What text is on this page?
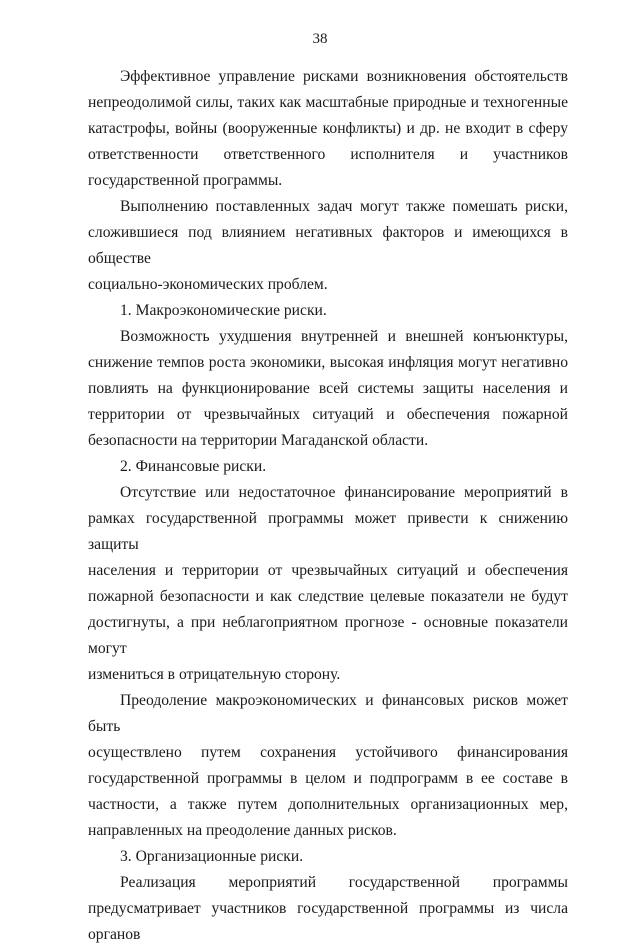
38
Эффективное управление рисками возникновения обстоятельств
непреодолимой силы, таких как масштабные природные и техногенные
катастрофы, войны (вооруженные конфликты) и др. не входит в сферу
ответственности ответственного исполнителя и участников
государственной программы.
Выполнению поставленных задач могут также помешать риски,
сложившиеся под влиянием негативных факторов и имеющихся в обществе
социально-экономических проблем.
1. Макроэкономические риски.
Возможность ухудшения внутренней и внешней конъюнктуры,
снижение темпов роста экономики, высокая инфляция могут негативно
повлиять на функционирование всей системы защиты населения и
территории от чрезвычайных ситуаций и обеспечения пожарной
безопасности на территории Магаданской области.
2. Финансовые риски.
Отсутствие или недостаточное финансирование мероприятий в
рамках государственной программы может привести к снижению защиты
населения и территории от чрезвычайных ситуаций и обеспечения
пожарной безопасности и как следствие целевые показатели не будут
достигнуты, а при неблагоприятном прогнозе - основные показатели могут
измениться в отрицательную сторону.
Преодоление макроэкономических и финансовых рисков может быть
осуществлено путем сохранения устойчивого финансирования
государственной программы в целом и подпрограмм в ее составе в
частности, а также путем дополнительных организационных мер,
направленных на преодоление данных рисков.
3. Организационные риски.
Реализация мероприятий государственной программы
предусматривает участников государственной программы из числа органов
